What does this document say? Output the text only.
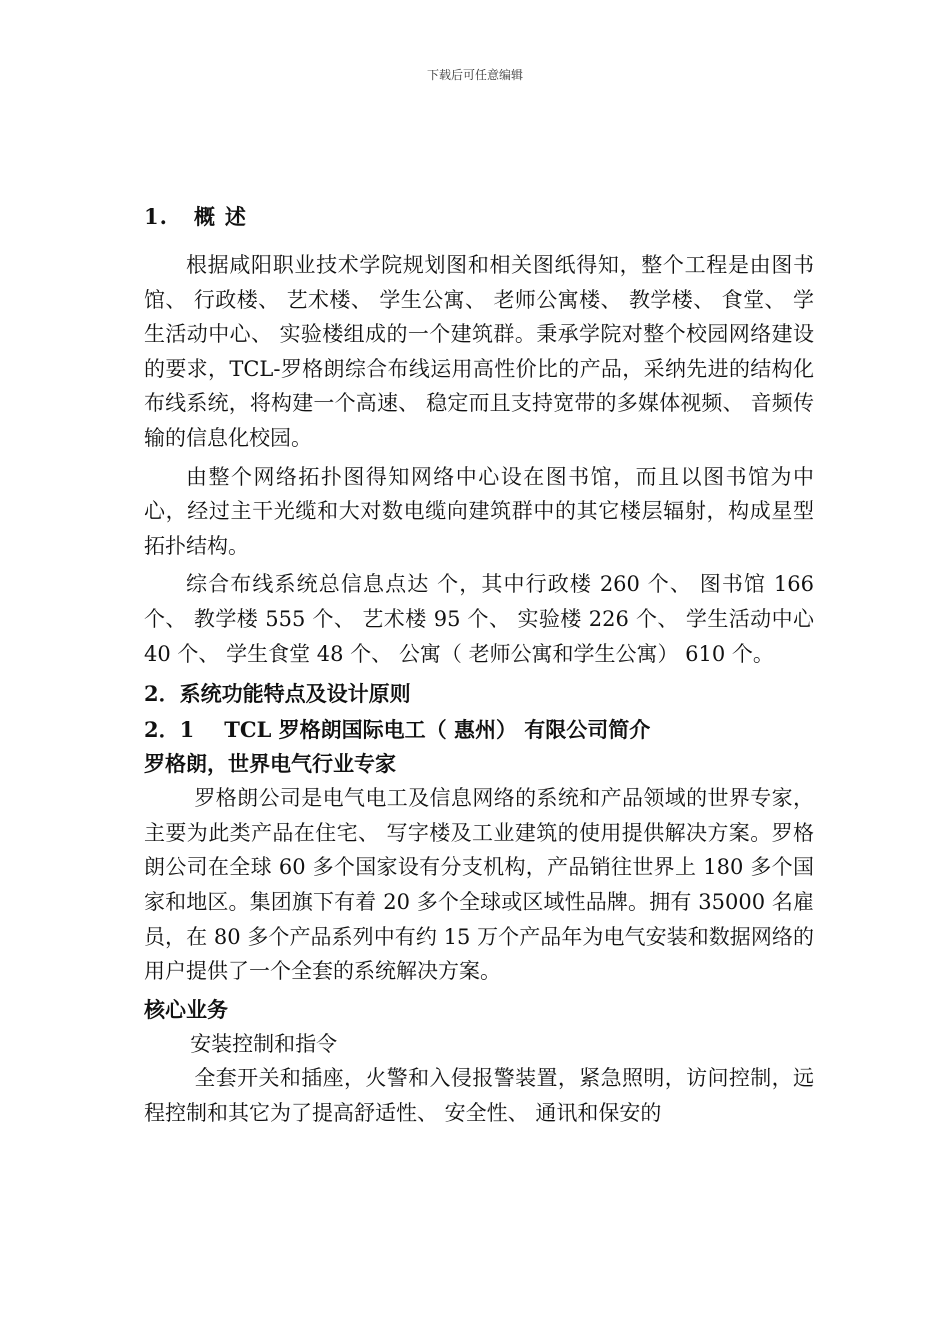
下载后可任意编辑
1. 概述

根据咸阳职业技术学院规划图和相关图纸得知，整个工程是由图书馆、 行政楼、 艺术楼、 学生公寓、 老师公寓楼、 教学楼、 食堂、 学生活动中心、 实验楼组成的一个建筑群。秉承学院对整个校园网络建设的要求，TCL-罗格朗综合布线运用高性价比的产品，采纳先进的结构化布线系统，将构建一个高速、 稳定而且支持宽带的多媒体视频、 音频传输的信息化校园。

由整个网络拓扑图得知网络中心设在图书馆，而且以图书馆为中心，经过主干光缆和大对数电缆向建筑群中的其它楼层辐射，构成星型拓扑结构。

综合布线系统总信息点达 个，其中行政楼 260 个、 图书馆 166 个、 教学楼 555 个、 艺术楼 95 个、 实验楼 226 个、 学生活动中心 40 个、 学生食堂 48 个、 公寓（ 老师公寓和学生公寓） 610 个。

2．系统功能特点及设计原则
2．1 TCL 罗格朗国际电工（ 惠州） 有限公司简介
罗格朗，世界电气行业专家

罗格朗公司是电气电工及信息网络的系统和产品领域的世界专家，主要为此类产品在住宅、 写字楼及工业建筑的使用提供解决方案。罗格朗公司在全球 60 多个国家设有分支机构，产品销往世界上 180 多个国家和地区。集团旗下有着 20 多个全球或区域性品牌。拥有 35000 名雇员，在 80 多个产品系列中有约 15 万个产品年为电气安装和数据网络的用户提供了一个全套的系统解决方案。

核心业务
安装控制和指令

全套开关和插座，火警和入侵报警装置，紧急照明，访问控制，远程控制和其它为了提高舒适性、 安全性、 通讯和保安的
